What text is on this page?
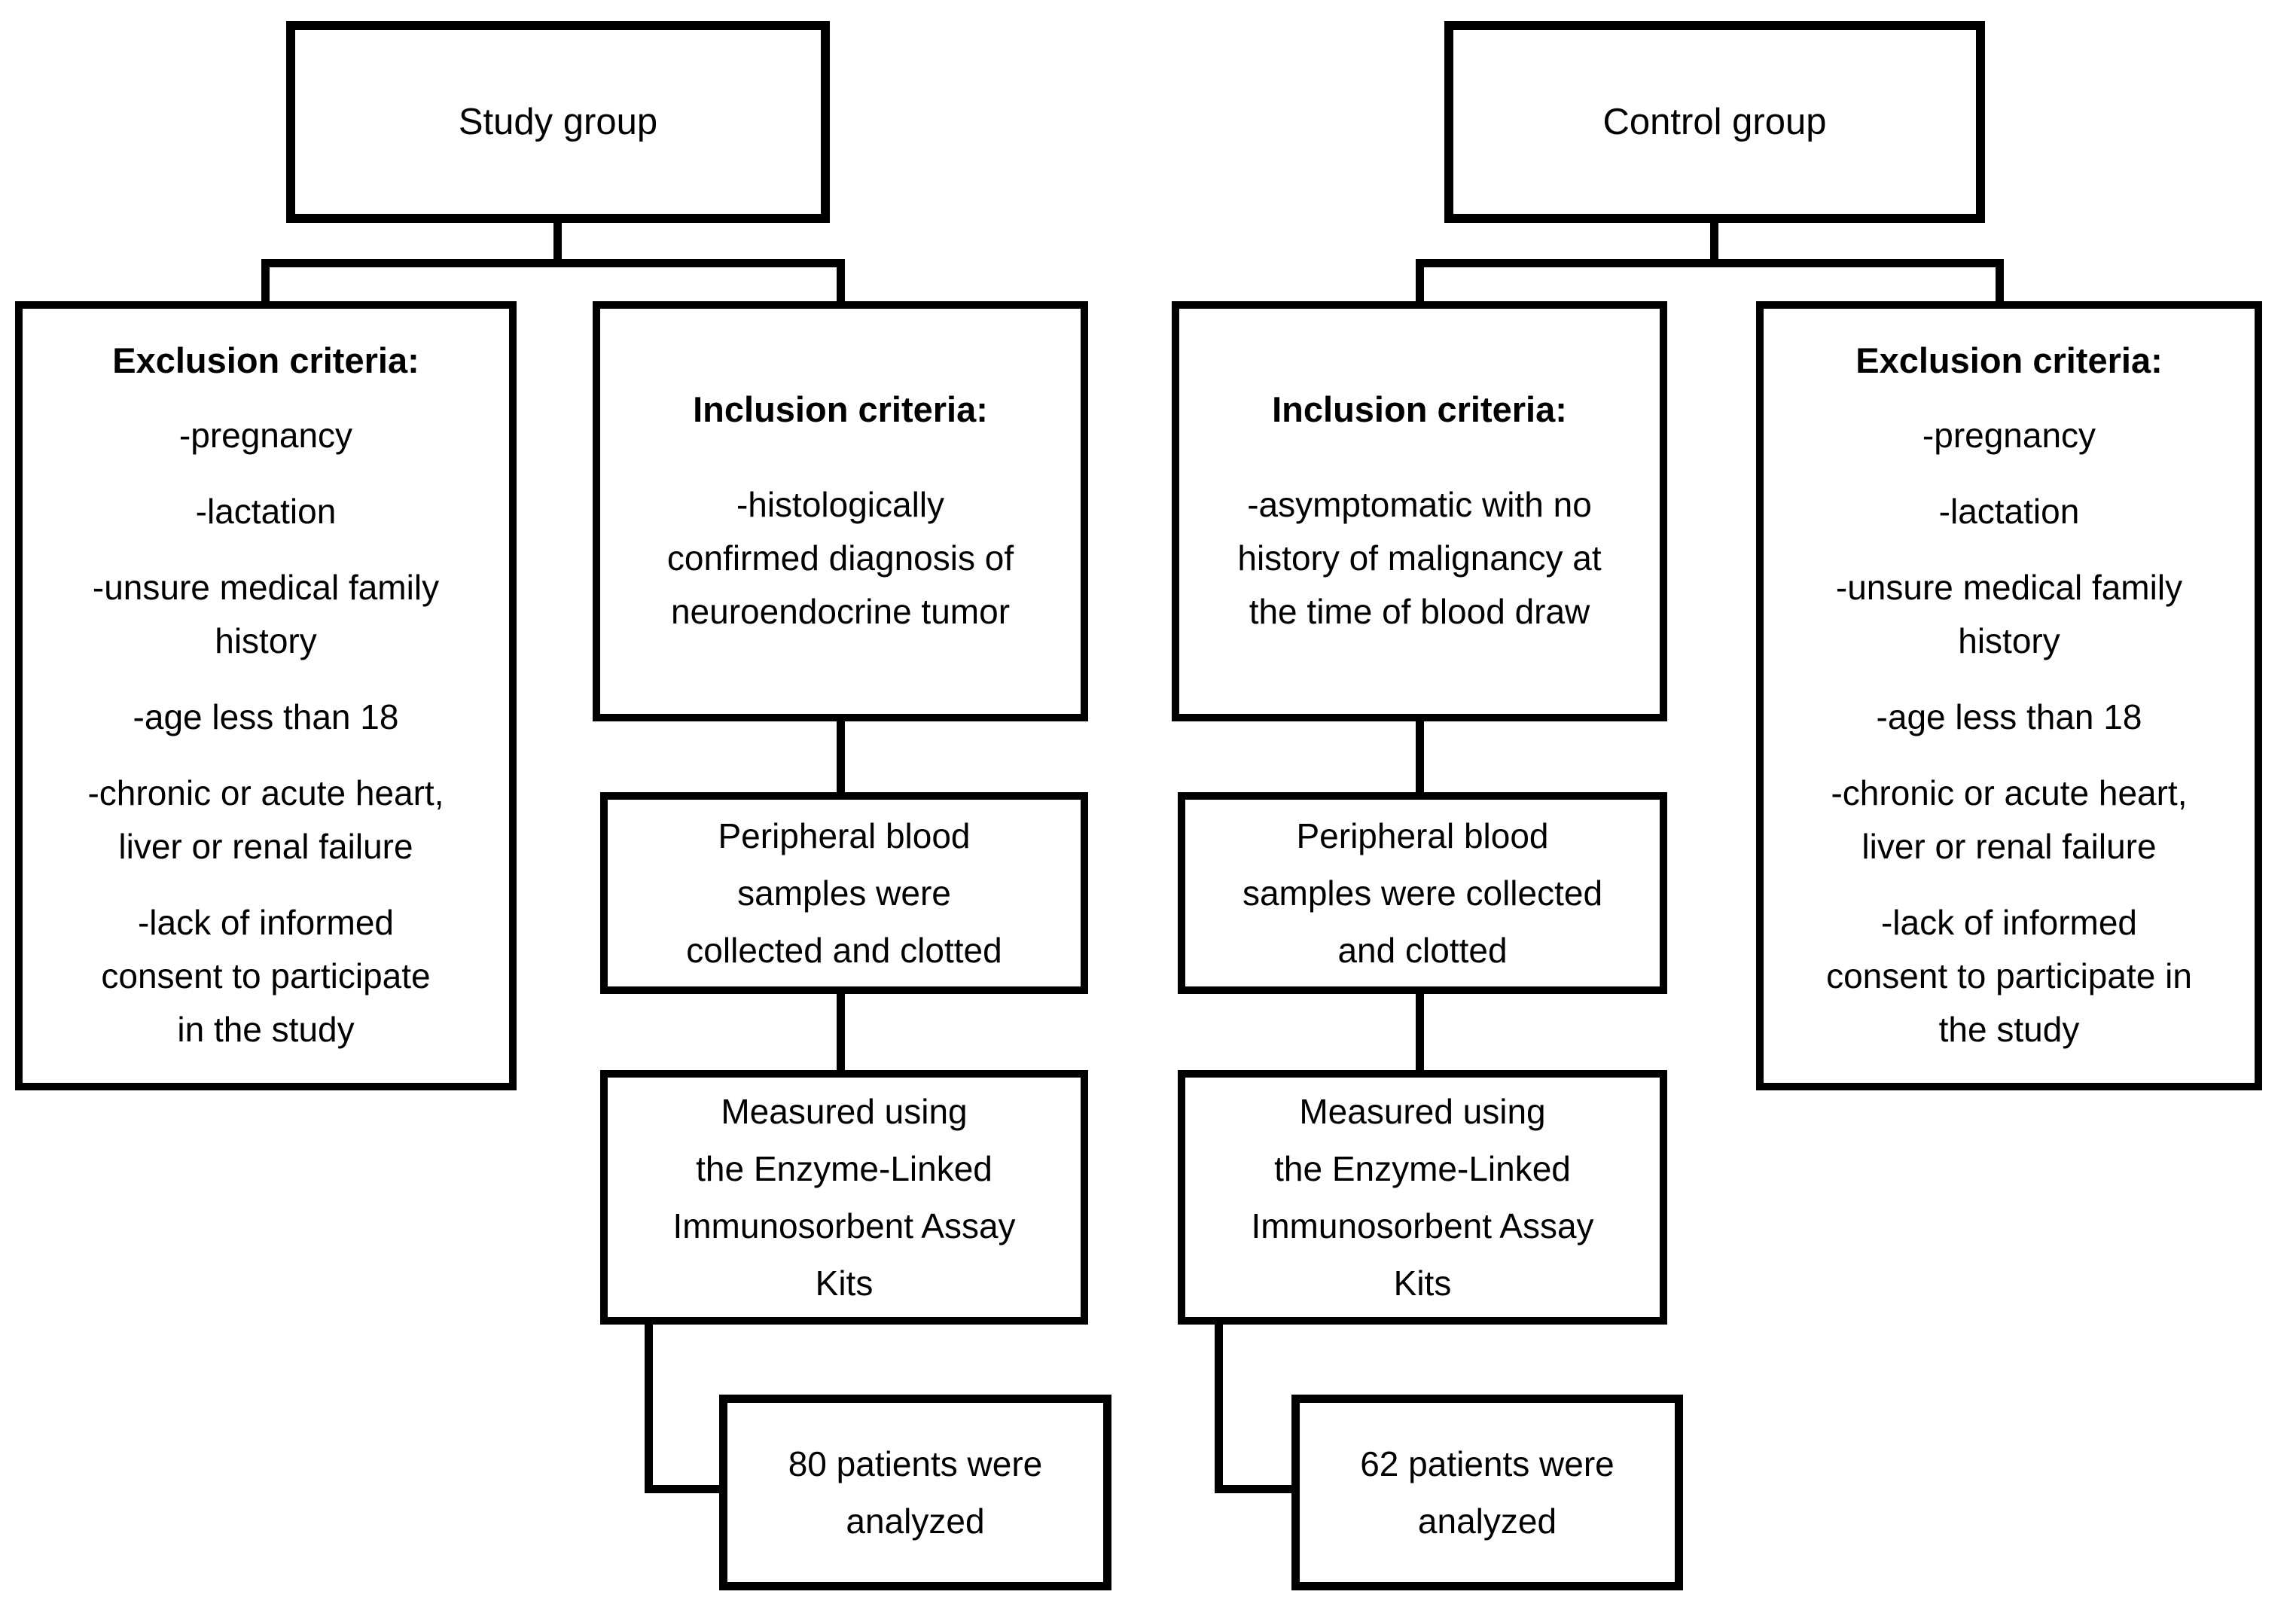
Study group	Control group
Exclusion criteria:
-pregnancy
-lactation
-unsure medical family
history
-age less than 18
-chronic or acute heart,
liver or renal failure
-lack of informed
consent to participate
in the study
Inclusion criteria:
-histologically
confirmed diagnosis of
neuroendocrine tumor
Inclusion criteria:
-asymptomatic with no
history of malignancy at
the time of blood draw
Exclusion criteria:
-pregnancy
-lactation
-unsure medical family
history
-age less than 18
-chronic or acute heart,
liver or renal failure
-lack of informed
consent to participate in
the study
Peripheral blood
samples were
collected and clotted
Measured using
the Enzyme-Linked
Immunosorbent Assay
Kits
80 patients were
analyzed
Peripheral blood
samples were collected
and clotted
Measured using
the Enzyme-Linked
Immunosorbent Assay
Kits
62 patients were
analyzed
